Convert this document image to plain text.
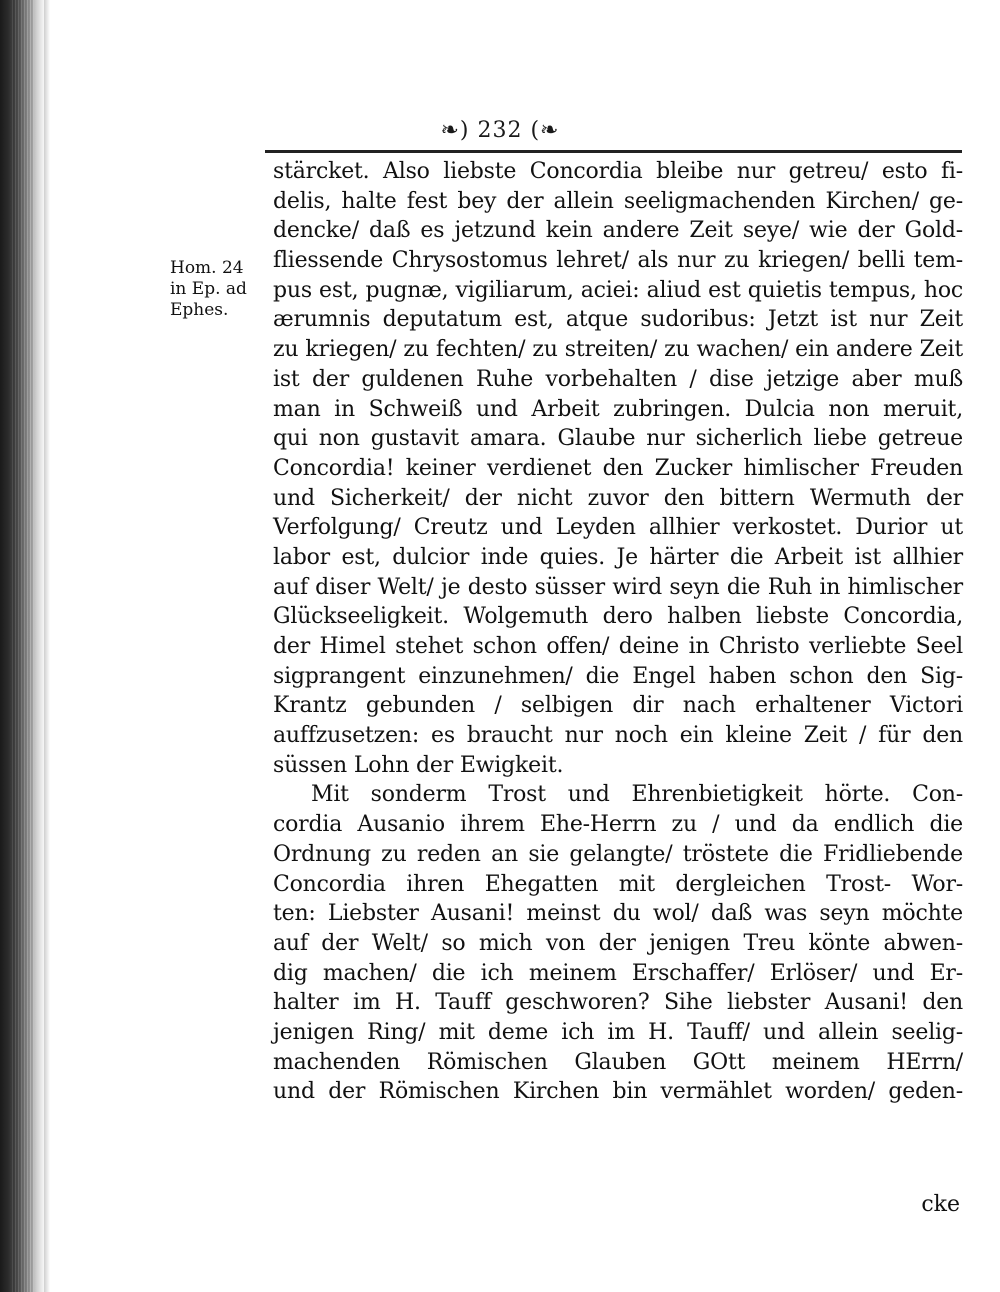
❧) 232 (❧
Hom. 24
in Ep. ad
Ephes.
stärcket. Also liebste Concordia bleibe nur getreu/ esto fi-
delis, halte fest bey der allein seeligmachenden Kirchen/ ge-
dencke/ daß es jetzund kein andere Zeit seye/ wie der Gold-
fliessende Chrysostomus lehret/ als nur zu kriegen/ belli tem-
pus est, pugnæ, vigiliarum, aciei: aliud est quietis tempus, hoc
ærumnis deputatum est, atque sudoribus: Jetzt ist nur Zeit
zu kriegen/ zu fechten/ zu streiten/ zu wachen/ ein andere Zeit
ist der guldenen Ruhe vorbehalten / dise jetzige aber muß
man in Schweiß und Arbeit zubringen. Dulcia non meruit,
qui non gustavit amara. Glaube nur sicherlich liebe getreue
Concordia! keiner verdienet den Zucker himlischer Freuden
und Sicherkeit/ der nicht zuvor den bittern Wermuth der
Verfolgung/ Creutz und Leyden allhier verkostet. Durior ut
labor est, dulcior inde quies. Je härter die Arbeit ist allhier
auf diser Welt/ je desto süsser wird seyn die Ruh in himlischer
Glückseeligkeit. Wolgemuth dero halben liebste Concordia,
der Himel stehet schon offen/ deine in Christo verliebte Seel
sigprangent einzunehmen/ die Engel haben schon den Sig-
Krantz gebunden / selbigen dir nach erhaltener Victori
auffzusetzen: es braucht nur noch ein kleine Zeit / für den
süssen Lohn der Ewigkeit.
Mit sonderm Trost und Ehrenbietigkeit hörte. Con-
cordia Ausanio ihrem Ehe-Herrn zu / und da endlich die
Ordnung zu reden an sie gelangte/ tröstete die Fridliebende
Concordia ihren Ehegatten mit dergleichen Trost- Wor-
ten: Liebster Ausani! meinst du wol/ daß was seyn möchte
auf der Welt/ so mich von der jenigen Treu könte abwen-
dig machen/ die ich meinem Erschaffer/ Erlöser/ und Er-
halter im H. Tauff geschworen? Sihe liebster Ausani! den
jenigen Ring/ mit deme ich im H. Tauff/ und allein seelig-
machenden Römischen Glauben GOtt meinem HErrn/
und der Römischen Kirchen bin vermählet worden/ geden-
cke
